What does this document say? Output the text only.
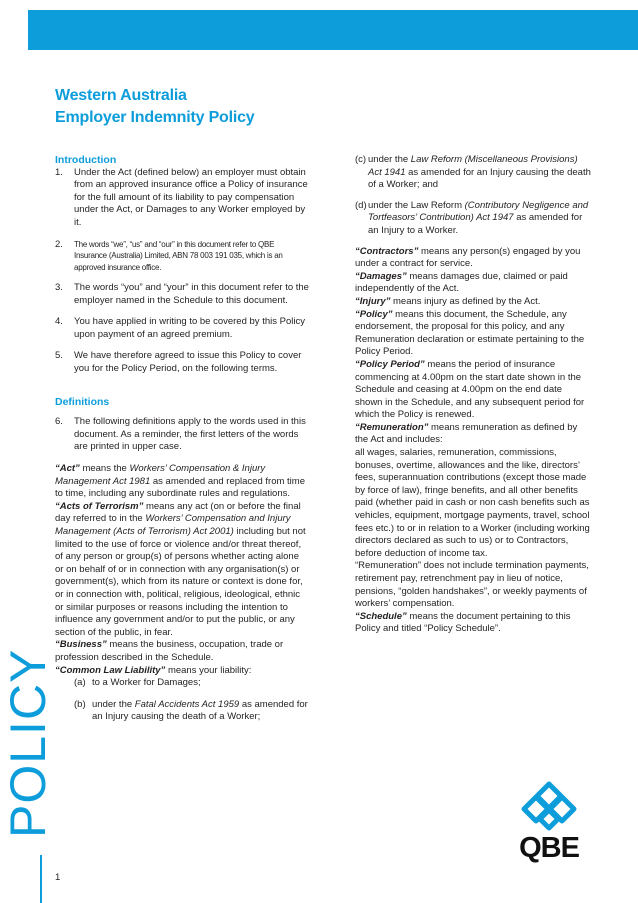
Western Australia
Employer Indemnity Policy

Introduction

1.	Under the Act (defined below) an employer must obtain from an approved insurance office a Policy of insurance for the full amount of its liability to pay compensation under the Act, or Damages to any Worker employed by it.
2.	The words “we”, “us” and “our” in this document refer to QBE Insurance (Australia) Limited, ABN 78 003 191 035, which is an approved insurance office.
3.	The words “you” and “your” in this document refer to the employer named in the Schedule to this document.
4.	You have applied in writing to be covered by this Policy upon payment of an agreed premium.
5.	We have therefore agreed to issue this Policy to cover you for the Policy Period, on the following terms.

Definitions

6.	The following definitions apply to the words used in this document. As a reminder, the first letters of the words are printed in upper case.

“Act” means the Workers’ Compensation & Injury Management Act 1981 as amended and replaced from time to time, including any subordinate rules and regulations.

“Acts of Terrorism” means any act (on or before the final day referred to in the Workers’ Compensation and Injury Management (Acts of Terrorism) Act 2001) including but not limited to the use of force or violence and/or threat thereof, of any person or group(s) of persons whether acting alone or on behalf of or in connection with any organisation(s) or government(s), which from its nature or context is done for, or in connection with, political, religious, ideological, ethnic or similar purposes or reasons including the intention to influence any government and/or to put the public, or any section of the public, in fear.

“Business” means the business, occupation, trade or profession described in the Schedule.

“Common Law Liability” means your liability:

(a) to a Worker for Damages;
(b) under the Fatal Accidents Act 1959 as amended for an Injury causing the death of a Worker;
(c) under the Law Reform (Miscellaneous Provisions) Act 1941 as amended for an Injury causing the death of a Worker; and
(d) under the Law Reform (Contributory Negligence and Tortfeasors’ Contribution) Act 1947 as amended for an Injury to a Worker.

“Contractors” means any person(s) engaged by you under a contract for service.

“Damages” means damages due, claimed or paid independently of the Act.

“Injury” means injury as defined by the Act.

“Policy” means this document, the Schedule, any endorsement, the proposal for this policy, and any Remuneration declaration or estimate pertaining to the Policy Period.

“Policy Period” means the period of insurance commencing at 4.00pm on the start date shown in the Schedule and ceasing at 4.00pm on the end date shown in the Schedule, and any subsequent period for which the Policy is renewed.

“Remuneration” means remuneration as defined by the Act and includes:

all wages, salaries, remuneration, commissions, bonuses, overtime, allowances and the like, directors’ fees, superannuation contributions (except those made by force of law), fringe benefits, and all other benefits paid (whether paid in cash or non cash benefits such as vehicles, equipment, mortgage payments, travel, school fees etc.) to or in relation to a Worker (including working directors declared as such to us) or to Contractors, before deduction of income tax.

“Remuneration” does not include termination payments, retirement pay, retrenchment pay in lieu of notice, pensions, “golden handshakes”, or weekly payments of workers’ compensation.

“Schedule” means the document pertaining to this Policy and titled “Policy Schedule”.

POLICY
1
QBE
